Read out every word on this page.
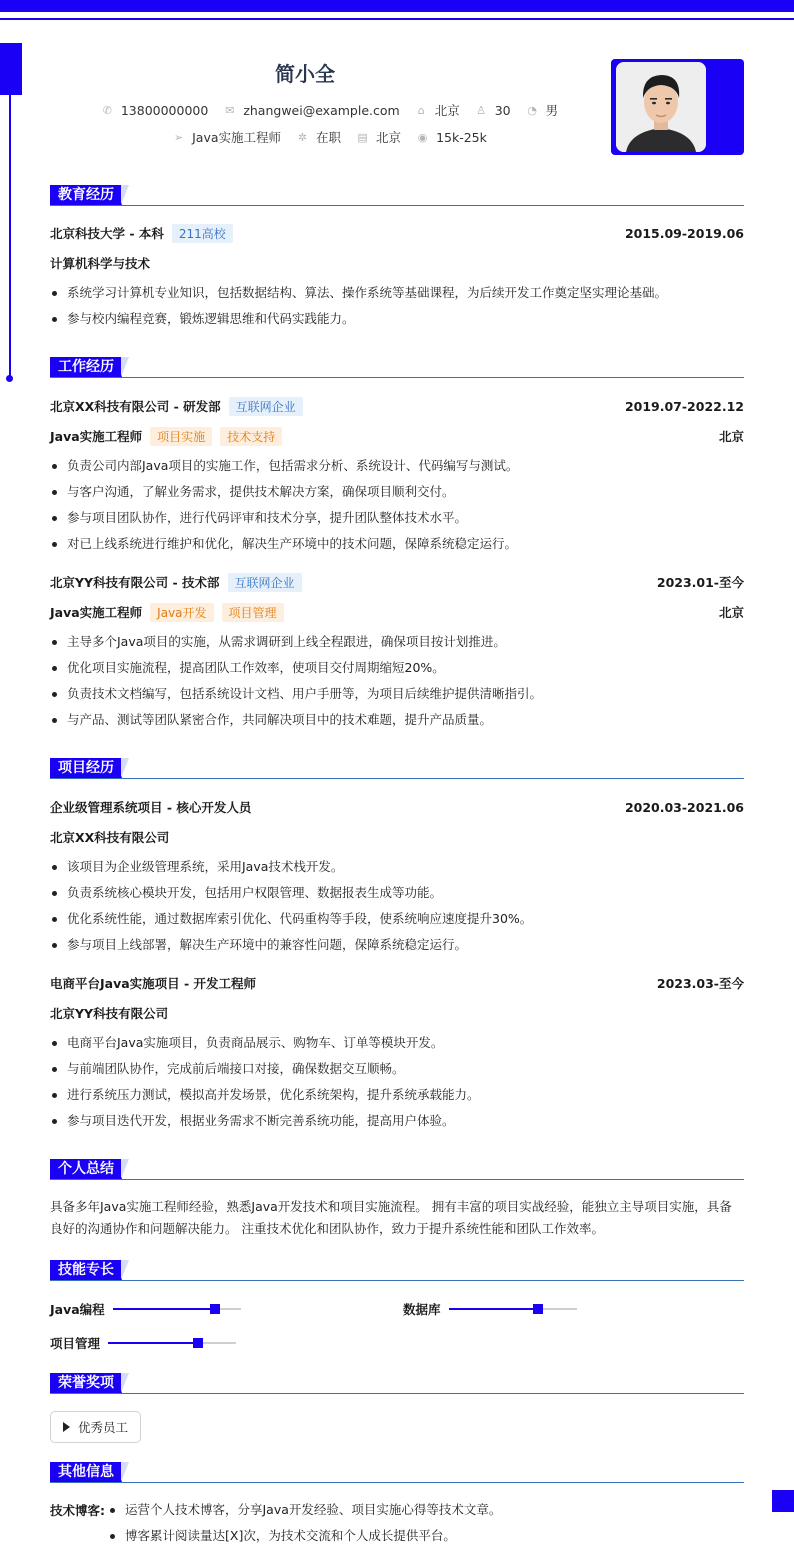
简小全
✆ 13800000000 ✉ zhangwei@example.com ⌂ 北京 ♙ 30 ◔ 男
➢ Java实施工程师 ✲ 在职 ▤ 北京 ◉ 15k-25k
教育经历
北京科技大学 - 本科	211高校	2015.09-2019.06
计算机科学与技术
系统学习计算机专业知识，包括数据结构、算法、操作系统等基础课程，为后续开发工作奠定坚实理论基础。
参与校内编程竞赛，锻炼逻辑思维和代码实践能力。
工作经历
北京XX科技有限公司 - 研发部	互联网企业	2019.07-2022.12
Java实施工程师	项目实施	技术支持	北京
负责公司内部Java项目的实施工作，包括需求分析、系统设计、代码编写与测试。
与客户沟通，了解业务需求，提供技术解决方案，确保项目顺利交付。
参与项目团队协作，进行代码评审和技术分享，提升团队整体技术水平。
对已上线系统进行维护和优化，解决生产环境中的技术问题，保障系统稳定运行。
北京YY科技有限公司 - 技术部	互联网企业	2023.01-至今
Java实施工程师	Java开发	项目管理	北京
主导多个Java项目的实施，从需求调研到上线全程跟进，确保项目按计划推进。
优化项目实施流程，提高团队工作效率，使项目交付周期缩短20%。
负责技术文档编写，包括系统设计文档、用户手册等，为项目后续维护提供清晰指引。
与产品、测试等团队紧密合作，共同解决项目中的技术难题，提升产品质量。
项目经历
企业级管理系统项目 - 核心开发人员	2020.03-2021.06
北京XX科技有限公司
该项目为企业级管理系统，采用Java技术栈开发。
负责系统核心模块开发，包括用户权限管理、数据报表生成等功能。
优化系统性能，通过数据库索引优化、代码重构等手段，使系统响应速度提升30%。
参与项目上线部署，解决生产环境中的兼容性问题，保障系统稳定运行。
电商平台Java实施项目 - 开发工程师	2023.03-至今
北京YY科技有限公司
电商平台Java实施项目，负责商品展示、购物车、订单等模块开发。
与前端团队协作，完成前后端接口对接，确保数据交互顺畅。
进行系统压力测试，模拟高并发场景，优化系统架构，提升系统承载能力。
参与项目迭代开发，根据业务需求不断完善系统功能，提高用户体验。
个人总结
具备多年Java实施工程师经验，熟悉Java开发技术和项目实施流程。 拥有丰富的项目实战经验，能独立主导项目实施，具备良好的沟通协作和问题解决能力。 注重技术优化和团队协作，致力于提升系统性能和团队工作效率。
技能专长
Java编程	数据库
项目管理
荣誉奖项
优秀员工
其他信息
技术博客:	运营个人技术博客，分享Java开发经验、项目实施心得等技术文章。
博客累计阅读量达[X]次，为技术交流和个人成长提供平台。
